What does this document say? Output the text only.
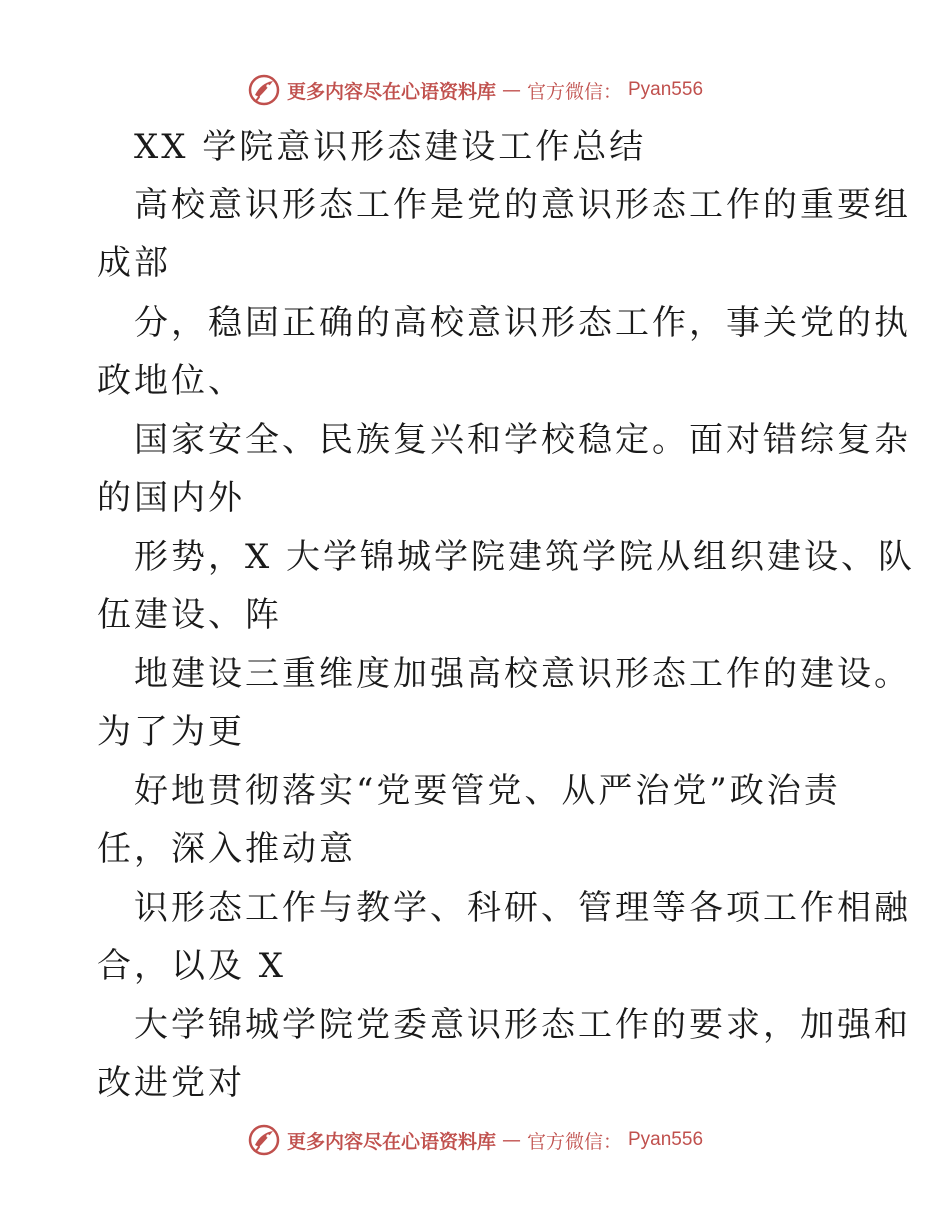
更多内容尽在心语资料库 — 官方微信： Pyan556
XX 学院意识形态建设工作总结
高校意识形态工作是党的意识形态工作的重要组
成部
分，稳固正确的高校意识形态工作，事关党的执
政地位、
国家安全、民族复兴和学校稳定。面对错综复杂
的国内外
形势，X 大学锦城学院建筑学院从组织建设、队
伍建设、阵
地建设三重维度加强高校意识形态工作的建设。
为了为更
好地贯彻落实“党要管党、从严治党”政治责
任，深入推动意
识形态工作与教学、科研、管理等各项工作相融
合，以及 X
大学锦城学院党委意识形态工作的要求，加强和
改进党对
更多内容尽在心语资料库 — 官方微信： Pyan556
